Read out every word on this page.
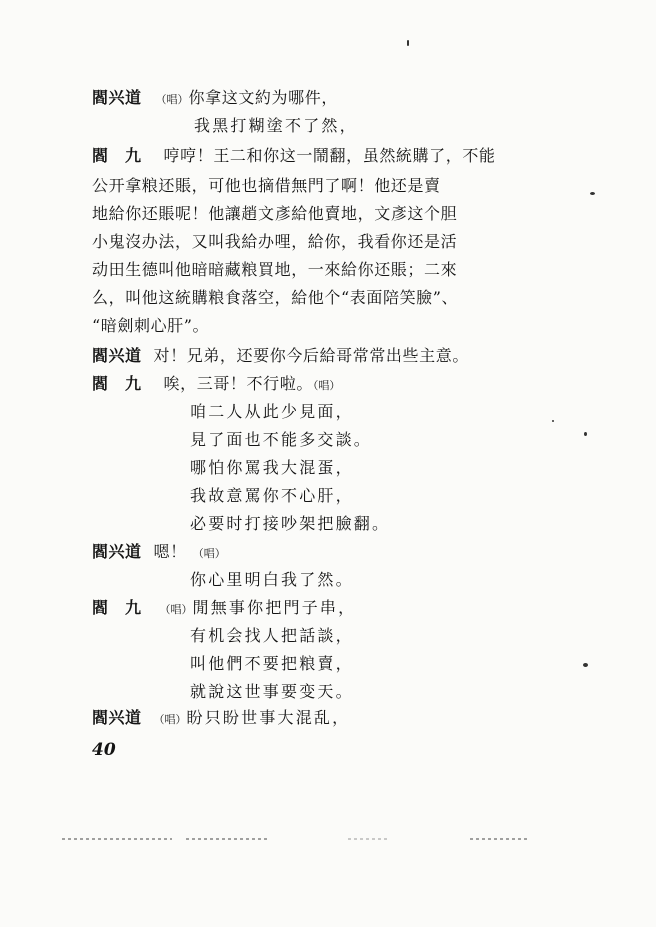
閻兴道 （唱）你拿这文約为哪件，
我黑打糊塗不了然，
閻　九 哼哼！王二和你这一鬧翻，虽然統購了，不能
公开拿粮还賬，可他也摘借無門了啊！他还是賣
地給你还賬呢！他讓趙文彥給他賣地，文彥这个胆
小鬼沒办法，又叫我給办哩，給你，我看你还是活
动田生德叫他暗暗藏粮買地，一來給你还賬；二來
么，叫他这統購粮食落空，給他个“表面陪笑臉”、
“暗劍刺心肝”。
閻兴道 对！兄弟，还要你今后給哥常常出些主意。
閻　九 唉，三哥！不行啦。（唱）
咱二人从此少見面，
見了面也不能多交談。
哪怕你罵我大混蛋，
我故意罵你不心肝，
必要时打接吵架把臉翻。
閻兴道 嗯！ （唱）
你心里明白我了然。
閻　九 （唱）閒無事你把門子串，
有机会找人把話談，
叫他們不要把粮賣，
就說这世事要变天。
閻兴道 （唱）盼只盼世事大混乱，
40
